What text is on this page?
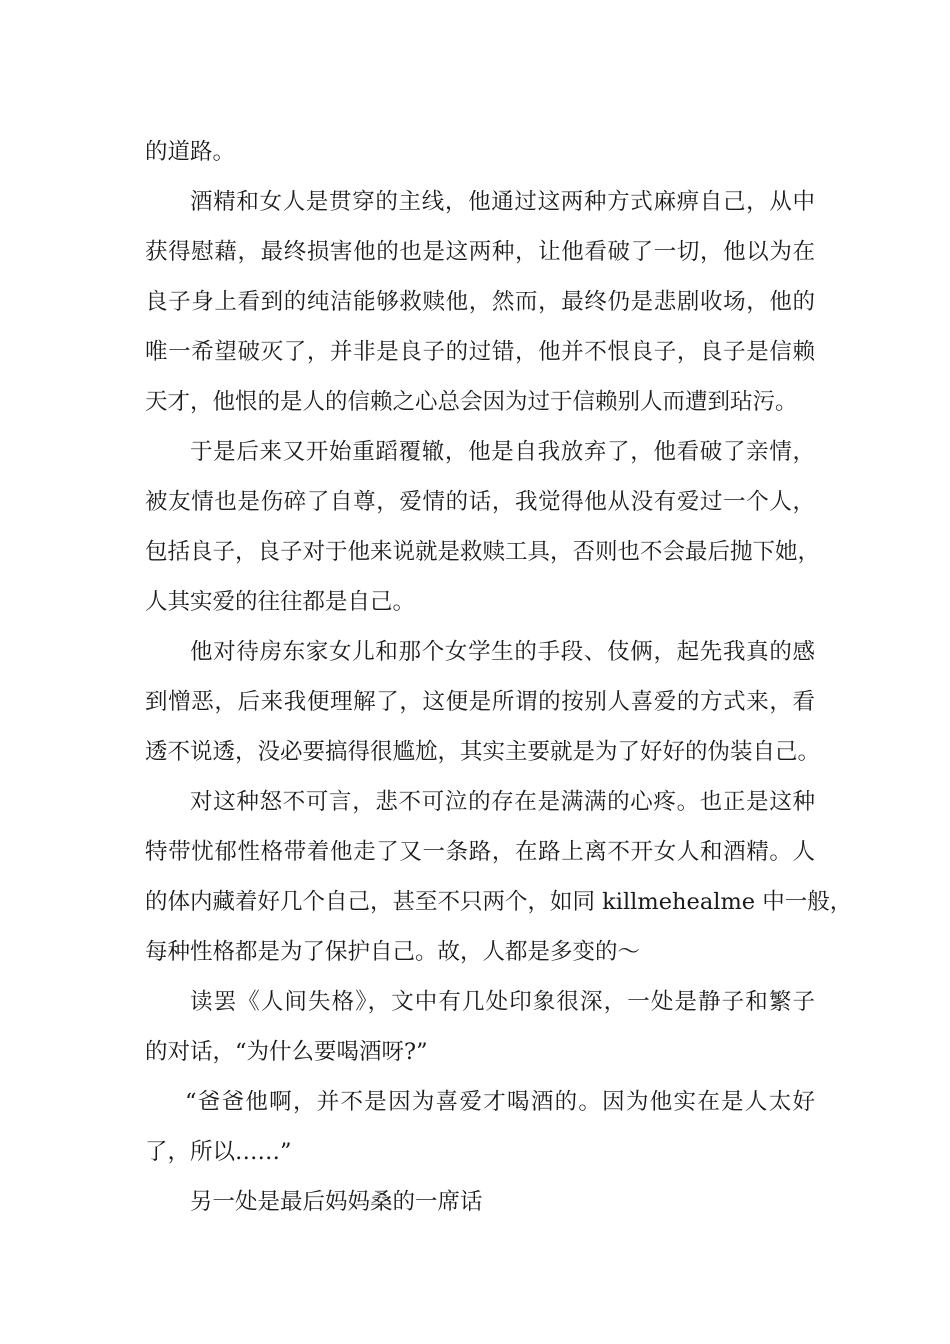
的道路。
酒精和女人是贯穿的主线，他通过这两种方式麻痹自己，从中
获得慰藉，最终损害他的也是这两种，让他看破了一切，他以为在
良子身上看到的纯洁能够救赎他，然而，最终仍是悲剧收场，他的
唯一希望破灭了，并非是良子的过错，他并不恨良子，良子是信赖
天才，他恨的是人的信赖之心总会因为过于信赖别人而遭到玷污。
于是后来又开始重蹈覆辙，他是自我放弃了，他看破了亲情，
被友情也是伤碎了自尊，爱情的话，我觉得他从没有爱过一个人，
包括良子，良子对于他来说就是救赎工具，否则也不会最后抛下她，
人其实爱的往往都是自己。
他对待房东家女儿和那个女学生的手段、伎俩，起先我真的感
到憎恶，后来我便理解了，这便是所谓的按别人喜爱的方式来，看
透不说透，没必要搞得很尴尬，其实主要就是为了好好的伪装自己。
对这种怒不可言，悲不可泣的存在是满满的心疼。也正是这种
特带忧郁性格带着他走了又一条路，在路上离不开女人和酒精。人
的体内藏着好几个自己，甚至不只两个，如同 killmehealme 中一般，
每种性格都是为了保护自己。故，人都是多变的～
读罢《人间失格》，文中有几处印象很深，一处是静子和繁子
的对话，“为什么要喝酒呀?”
“爸爸他啊，并不是因为喜爱才喝酒的。因为他实在是人太好
了，所以……”
另一处是最后妈妈桑的一席话
